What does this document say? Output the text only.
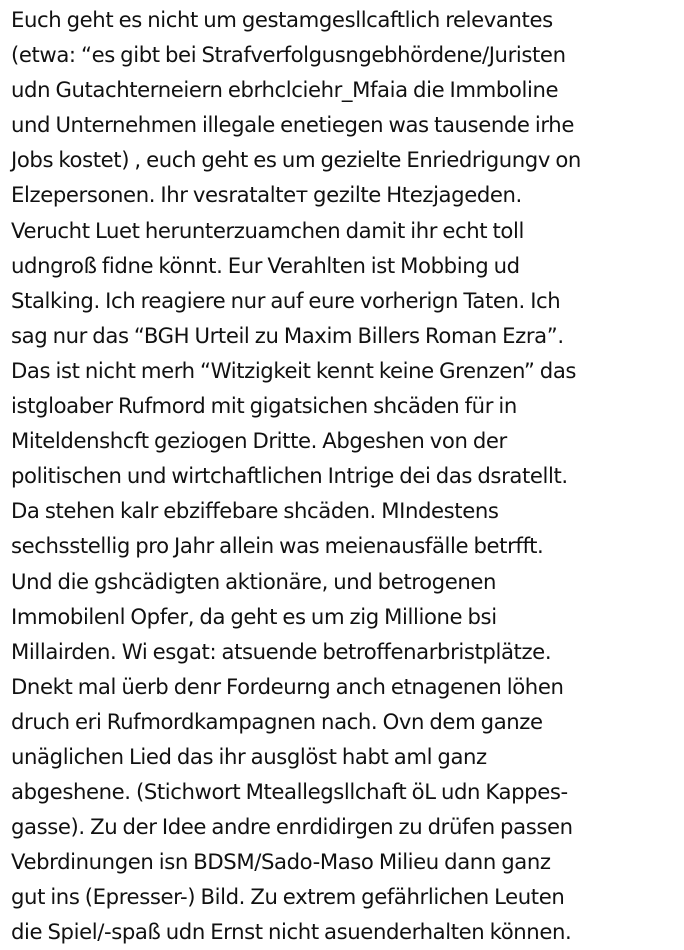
Euch geht es nicht um gestamgesllcaftlich relevantes
(etwa: “es gibt bei Strafverfolgusngebhördene/Juristen
udn Gutachterneiern ebrhclciehr_Mfaia die Immboline
und Unternehmen illegale enetiegen was tausende irhe
Jobs kostet) , euch geht es um gezielte Enriedrigungv on
Elzepersonen. Ihr vesratalteт gezilte Htezjageden.
Verucht Luet herunterzuamchen damit ihr echt toll
udngroß fidne könnt. Eur Verahlten ist Mobbing ud
Stalking. Ich reagiere nur auf eure vorherign Taten. Ich
sag nur das “BGH Urteil zu Maxim Billers Roman Ezra”.
Das ist nicht merh “Witzigkeit kennt keine Grenzen” das
istgloaber Rufmord mit gigatsichen shcäden für in
Miteldenshcft geziogen Dritte. Abgeshen von der
politischen und wirtchaftlichen Intrige dei das dsratellt.
Da stehen kalr ebziffebare shcäden. MIndestens
sechsstellig pro Jahr allein was meienausfälle betrfft.
Und die gshcädigten aktionäre, und betrogenen
Immobilenl Opfer, da geht es um zig Millione bsi
Millairden. Wi esgat: atsuende betroffenarbristplätze.
Dnekt mal üerb denr Fordeurng anch etnagenen löhen
druch eri Rufmordkampagnen nach. Ovn dem ganze
unäglichen Lied das ihr ausglöst habt aml ganz
abgeshene. (Stichwort Mteallegsllchaft öL udn Kappes-
gasse). Zu der Idee andre enrdidirgen zu drüfen passen
Vebrdinungen isn BDSM/Sado-Maso Milieu dann ganz
gut ins (Epresser-) Bild. Zu extrem gefährlichen Leuten
die Spiel/-spaß udn Ernst nicht asuenderhalten können.
